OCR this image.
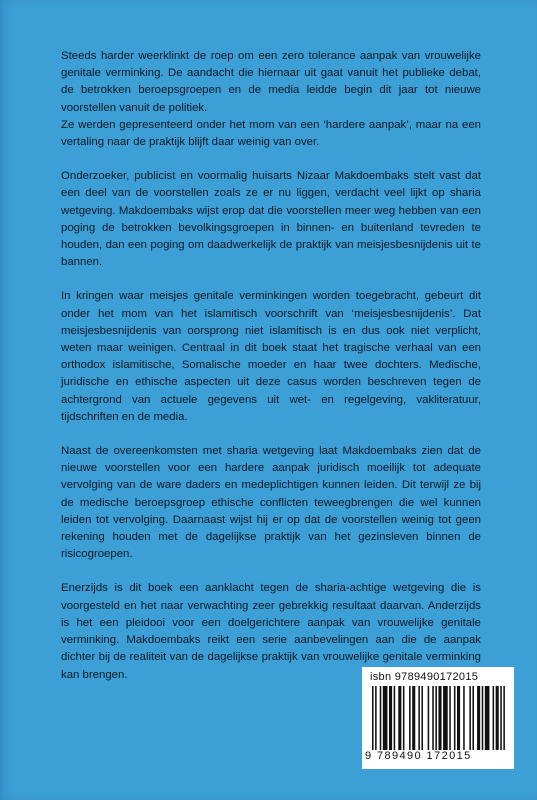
Steeds harder weerklinkt de roep om een zero tolerance aanpak van vrouwelijke genitale verminking. De aandacht die hiernaar uit gaat vanuit het publieke debat, de betrokken beroepsgroepen en de media leidde begin dit jaar tot nieuwe voorstellen vanuit de politiek.

Ze werden gepresenteerd onder het mom van een ‘hardere aanpak’, maar na een vertaling naar de praktijk blijft daar weinig van over.

Onderzoeker, publicist en voormalig huisarts Nizaar Makdoembaks stelt vast dat een deel van de voorstellen zoals ze er nu liggen, verdacht veel lijkt op sharia wetgeving. Makdoembaks wijst erop dat die voorstellen meer weg hebben van een poging de betrokken bevolkingsgroepen in binnen- en buitenland tevreden te houden, dan een poging om daadwerkelijk de praktijk van meisjesbesnijdenis uit te bannen.

In kringen waar meisjes genitale verminkingen worden toegebracht, gebeurt dit onder het mom van het islamitisch voorschrift van ‘meisjesbesnijdenis’. Dat meisjesbesnijdenis van oorsprong niet islamitisch is en dus ook niet verplicht, weten maar weinigen. Centraal in dit boek staat het tragische verhaal van een orthodox islamitische, Somalische moeder en haar twee dochters. Medische, juridische en ethische aspecten uit deze casus worden beschreven tegen de achtergrond van actuele gegevens uit wet- en regelgeving, vakliteratuur, tijdschriften en de media.

Naast de overeenkomsten met sharia wetgeving laat Makdoembaks zien dat de nieuwe voorstellen voor een hardere aanpak juridisch moeilijk tot adequate vervolging van de ware daders en medeplichtigen kunnen leiden. Dit terwijl ze bij de medische beroepsgroep ethische conflicten teweegbrengen die wel kunnen leiden tot vervolging. Daarnaast wijst hij er op dat de voorstellen weinig tot geen rekening houden met de dagelijkse praktijk van het gezinsleven binnen de risicogroepen.

Enerzijds is dit boek een aanklacht tegen de sharia-achtige wetgeving die is voorgesteld en het naar verwachting zeer gebrekkig resultaat daarvan. Anderzijds is het een pleidooi voor een doelgerichtere aanpak van vrouwelijke genitale verminking. Makdoembaks reikt een serie aanbevelingen aan die de aanpak dichter bij de realiteit van de dagelijkse praktijk van vrouwelijke genitale verminking kan brengen.	isbn 9789490172015
9 789490 172015
